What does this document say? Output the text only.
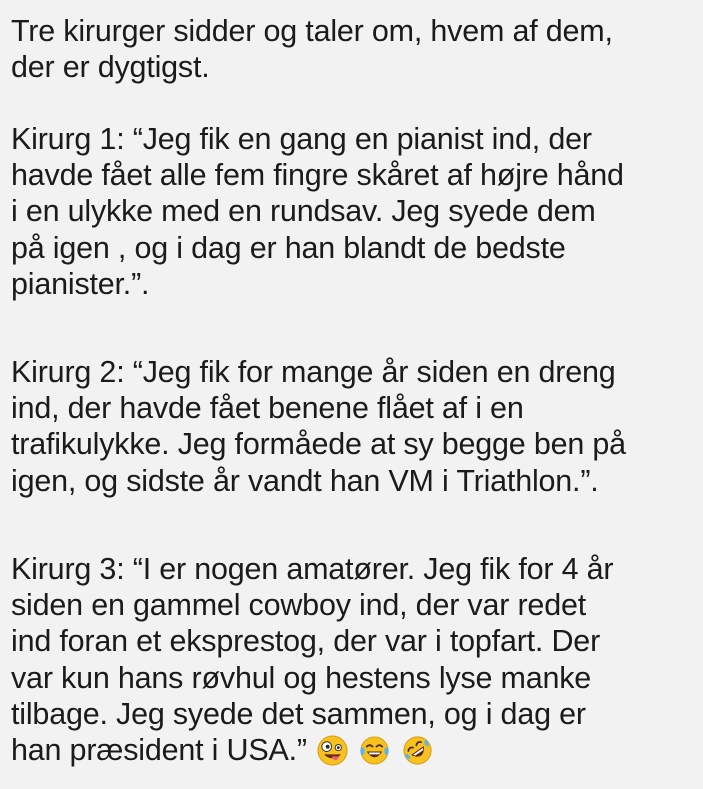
Tre kirurger sidder og taler om, hvem af dem,
der er dygtigst.

Kirurg 1: “Jeg fik en gang en pianist ind, der
havde fået alle fem fingre skåret af højre hånd
i en ulykke med en rundsav. Jeg syede dem
på igen , og i dag er han blandt de bedste
pianister.”.

Kirurg 2: “Jeg fik for mange år siden en dreng
ind, der havde fået benene flået af i en
trafikulykke. Jeg formåede at sy begge ben på
igen, og sidste år vandt han VM i Triathlon.”.

Kirurg 3: “I er nogen amatører. Jeg fik for 4 år
siden en gammel cowboy ind, der var redet
ind foran et eksprestog, der var i topfart. Der
var kun hans røvhul og hestens lyse manke
tilbage. Jeg syede det sammen, og i dag er
han præsident i USA.”
